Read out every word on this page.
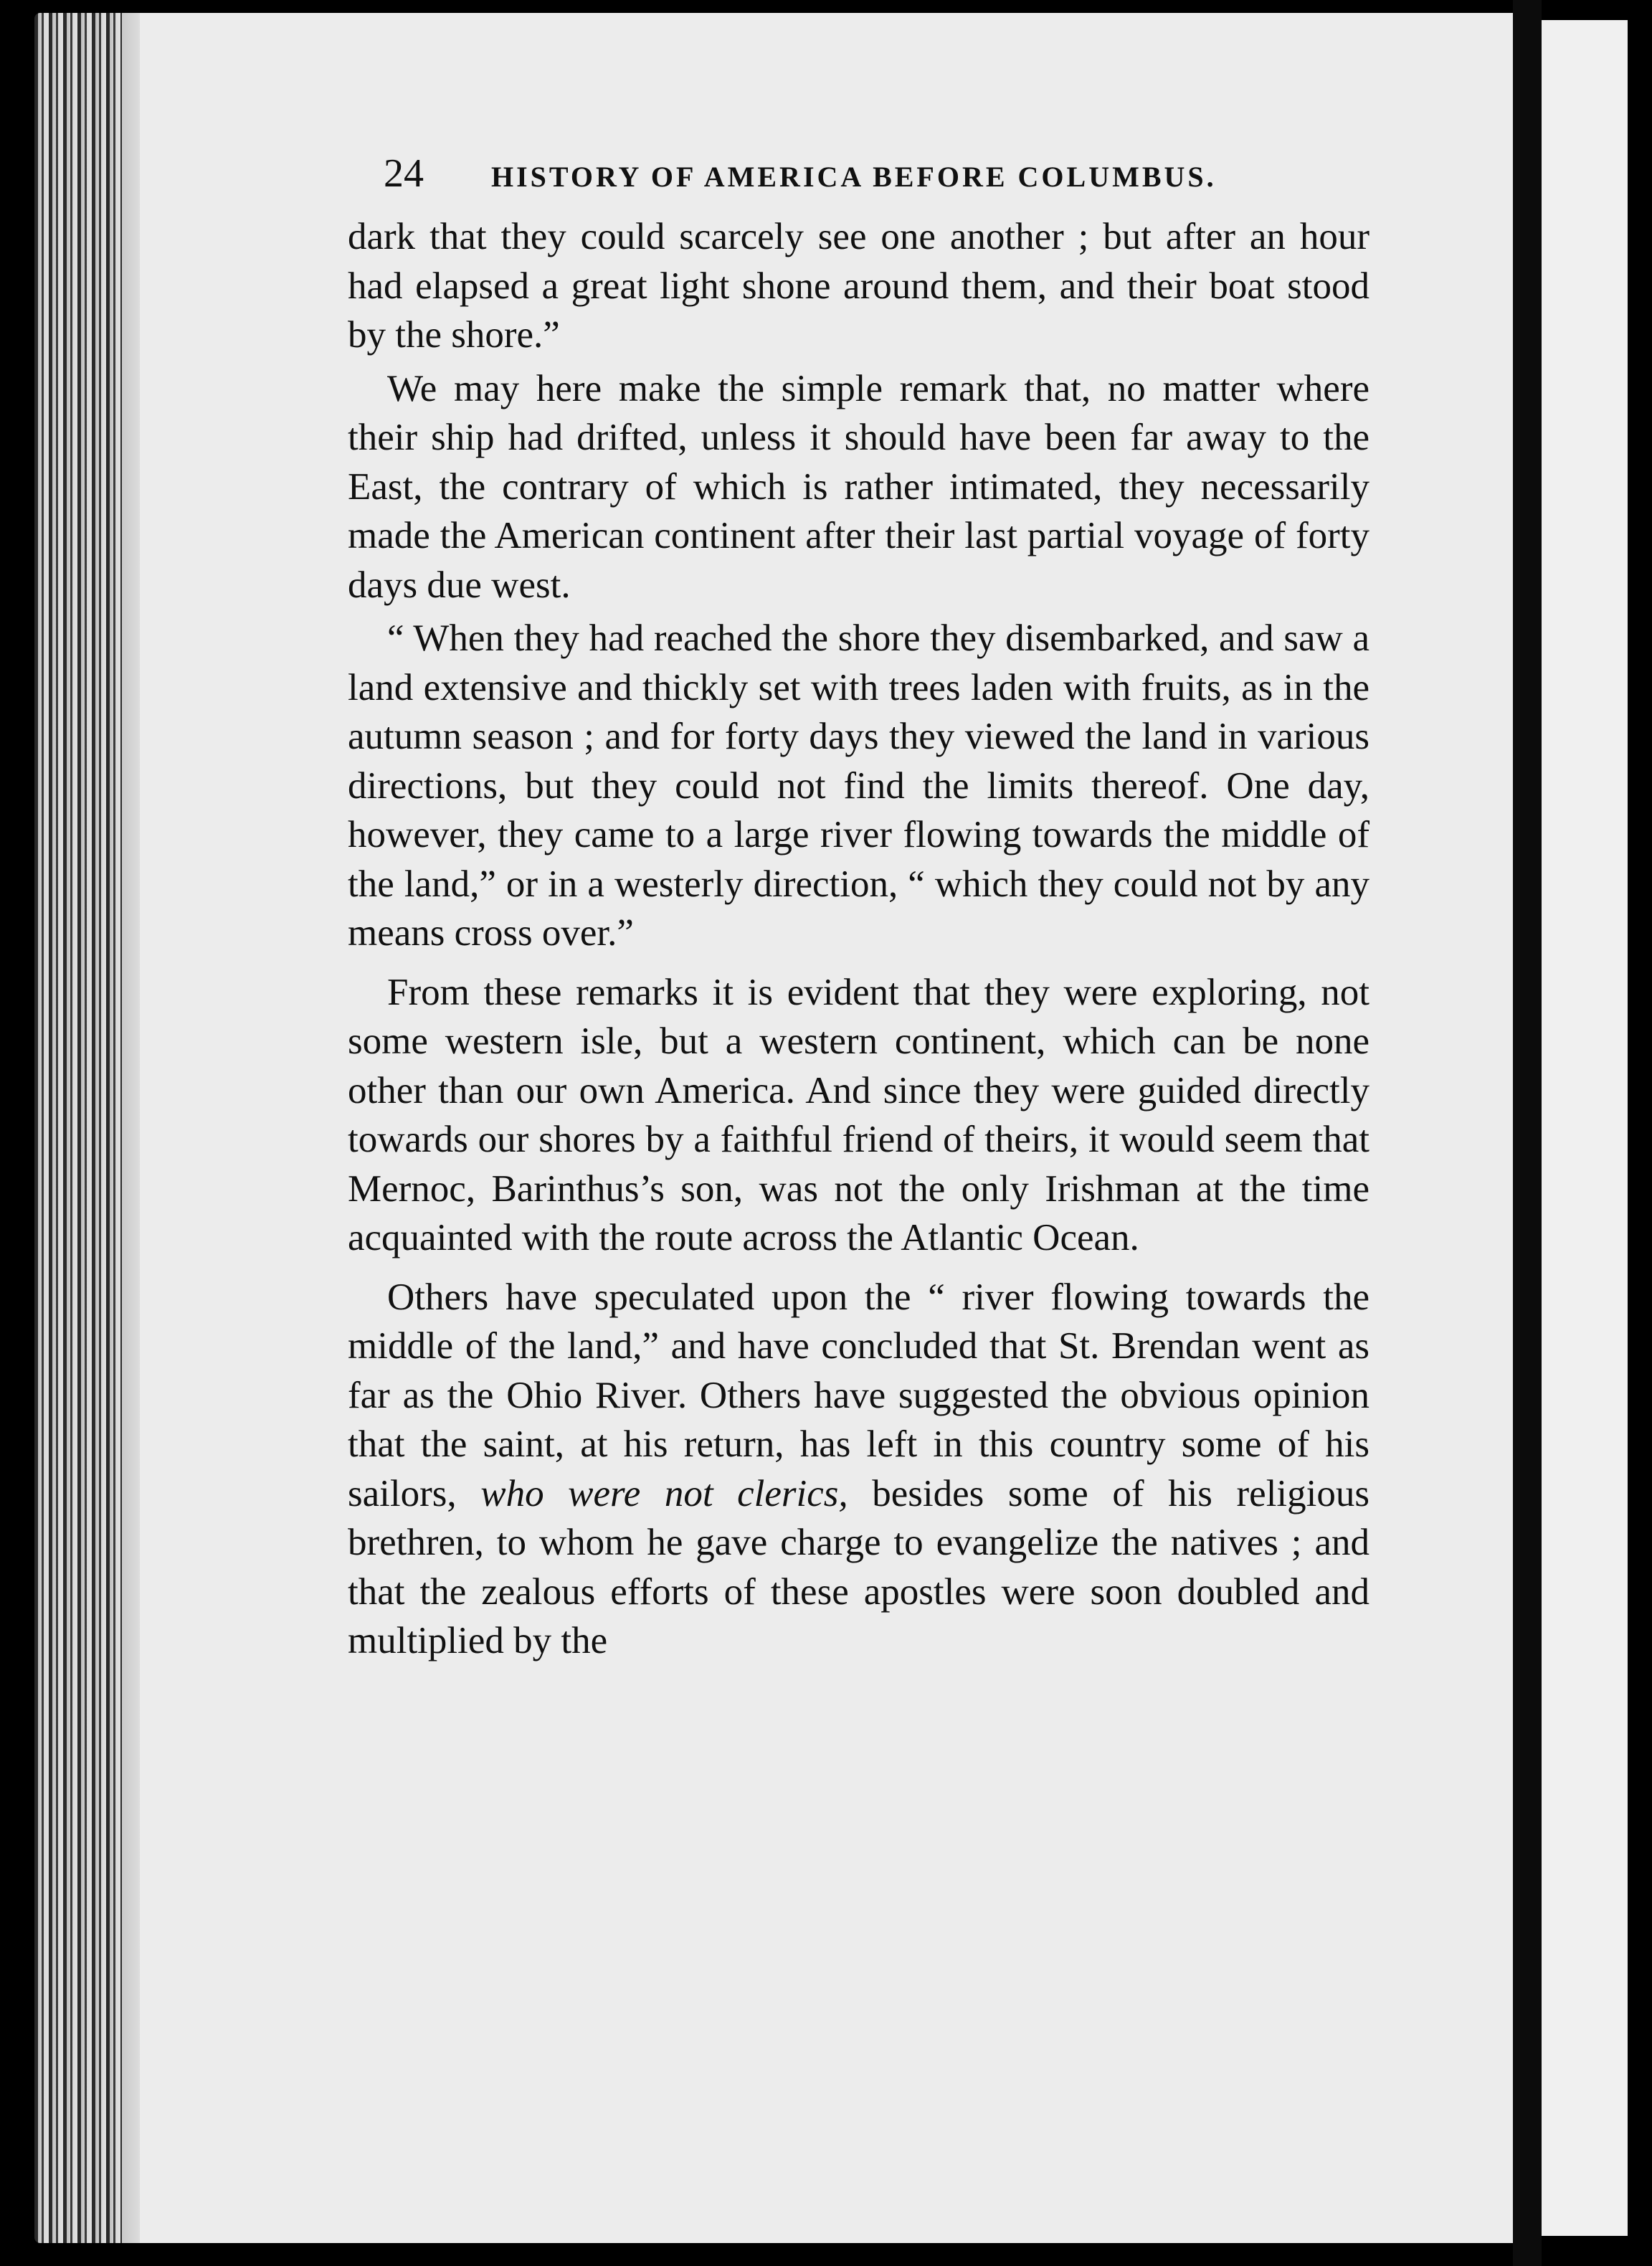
24	HISTORY OF AMERICA BEFORE COLUMBUS.

dark that they could scarcely see one another ; but after an hour had elapsed a great light shone around them, and their boat stood by the shore.”

We may here make the simple remark that, no matter where their ship had drifted, unless it should have been far away to the East, the contrary of which is rather intimated, they necessarily made the American continent after their last partial voyage of forty days due west.

“ When they had reached the shore they disembarked, and saw a land extensive and thickly set with trees laden with fruits, as in the autumn season ; and for forty days they viewed the land in various directions, but they could not find the limits thereof. One day, however, they came to a large river flowing towards the middle of the land,” or in a westerly direction, “ which they could not by any means cross over.”

From these remarks it is evident that they were exploring, not some western isle, but a western continent, which can be none other than our own America. And since they were guided directly towards our shores by a faithful friend of theirs, it would seem that Mernoc, Barinthus’s son, was not the only Irishman at the time acquainted with the route across the Atlantic Ocean.

Others have speculated upon the “ river flowing towards the middle of the land,” and have concluded that St. Brendan went as far as the Ohio River. Others have suggested the obvious opinion that the saint, at his return, has left in this country some of his sailors, who were not clerics, besides some of his religious brethren, to whom he gave charge to evangelize the natives ; and that the zealous efforts of these apostles were soon doubled and multiplied by the
